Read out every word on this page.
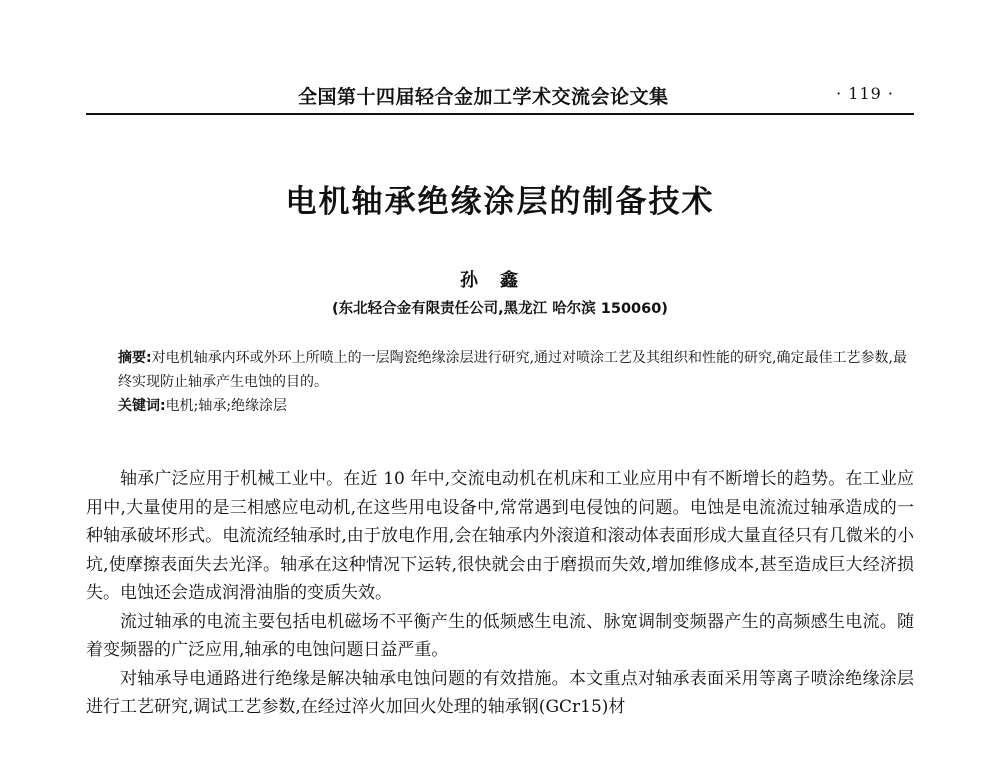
全国第十四届轻合金加工学术交流会论文集	· 119 ·
电机轴承绝缘涂层的制备技术
孙鑫
(东北轻合金有限责任公司,黑龙江 哈尔滨 150060)

摘要:对电机轴承内环或外环上所喷上的一层陶瓷绝缘涂层进行研究,通过对喷涂工艺及其组织和性能的研究,确定最佳工艺参数,最终实现防止轴承产生电蚀的目的。

关键词:电机;轴承;绝缘涂层

轴承广泛应用于机械工业中。在近 10 年中,交流电动机在机床和工业应用中有不断增长的趋势。在工业应用中,大量使用的是三相感应电动机,在这些用电设备中,常常遇到电侵蚀的问题。电蚀是电流流过轴承造成的一种轴承破坏形式。电流流经轴承时,由于放电作用,会在轴承内外滚道和滚动体表面形成大量直径只有几微米的小坑,使摩擦表面失去光泽。轴承在这种情况下运转,很快就会由于磨损而失效,增加维修成本,甚至造成巨大经济损失。电蚀还会造成润滑油脂的变质失效。

流过轴承的电流主要包括电机磁场不平衡产生的低频感生电流、脉宽调制变频器产生的高频感生电流。随着变频器的广泛应用,轴承的电蚀问题日益严重。

对轴承导电通路进行绝缘是解决轴承电蚀问题的有效措施。本文重点对轴承表面采用等离子喷涂绝缘涂层进行工艺研究,调试工艺参数,在经过淬火加回火处理的轴承钢(GCr15)材
